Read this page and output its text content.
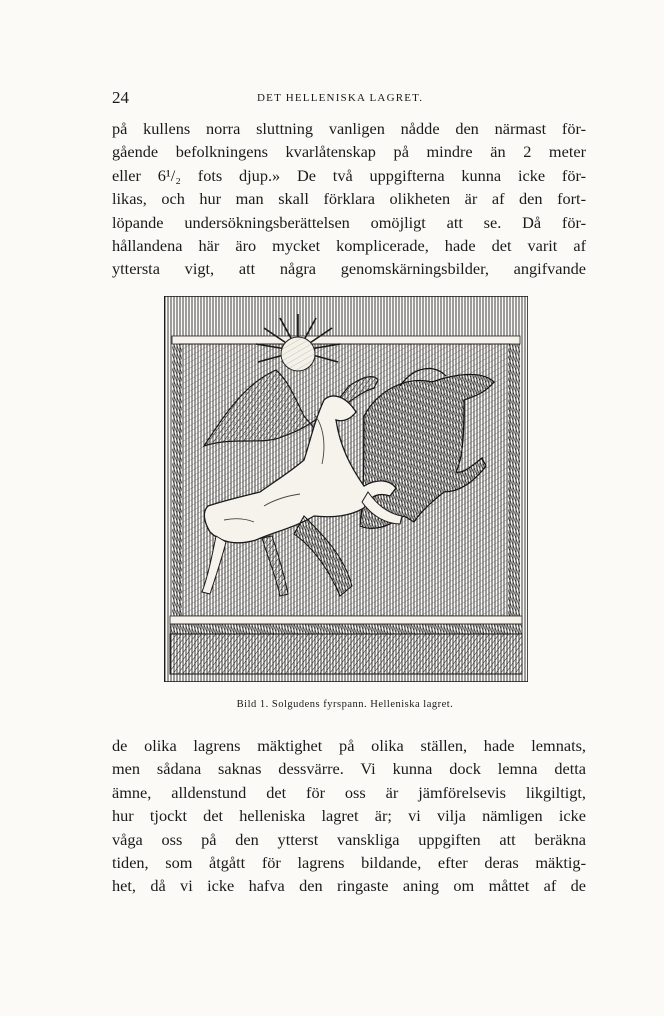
24	DET HELLENISKA LAGRET.
på kullens norra sluttning vanligen nådde den närmast för-
gående befolkningens kvarlåtenskap på mindre än 2 meter
eller 6¹/₂ fots djup.» De två uppgifterna kunna icke för-
likas, och hur man skall förklara olikheten är af den fort-
löpande undersökningsberättelsen omöjligt att se. Då för-
hållandena här äro mycket komplicerade, hade det varit af
yttersta vigt, att några genomskärningsbilder, angifvande
Bild 1. Solgudens fyrspann. Helleniska lagret.
de olika lagrens mäktighet på olika ställen, hade lemnats,
men sådana saknas dessvärre. Vi kunna dock lemna detta
ämne, alldenstund det för oss är jämförelsevis likgiltigt,
hur tjockt det helleniska lagret är; vi vilja nämligen icke
våga oss på den ytterst vanskliga uppgiften att beräkna
tiden, som åtgått för lagrens bildande, efter deras mäktig-
het, då vi icke hafva den ringaste aning om måttet af de
